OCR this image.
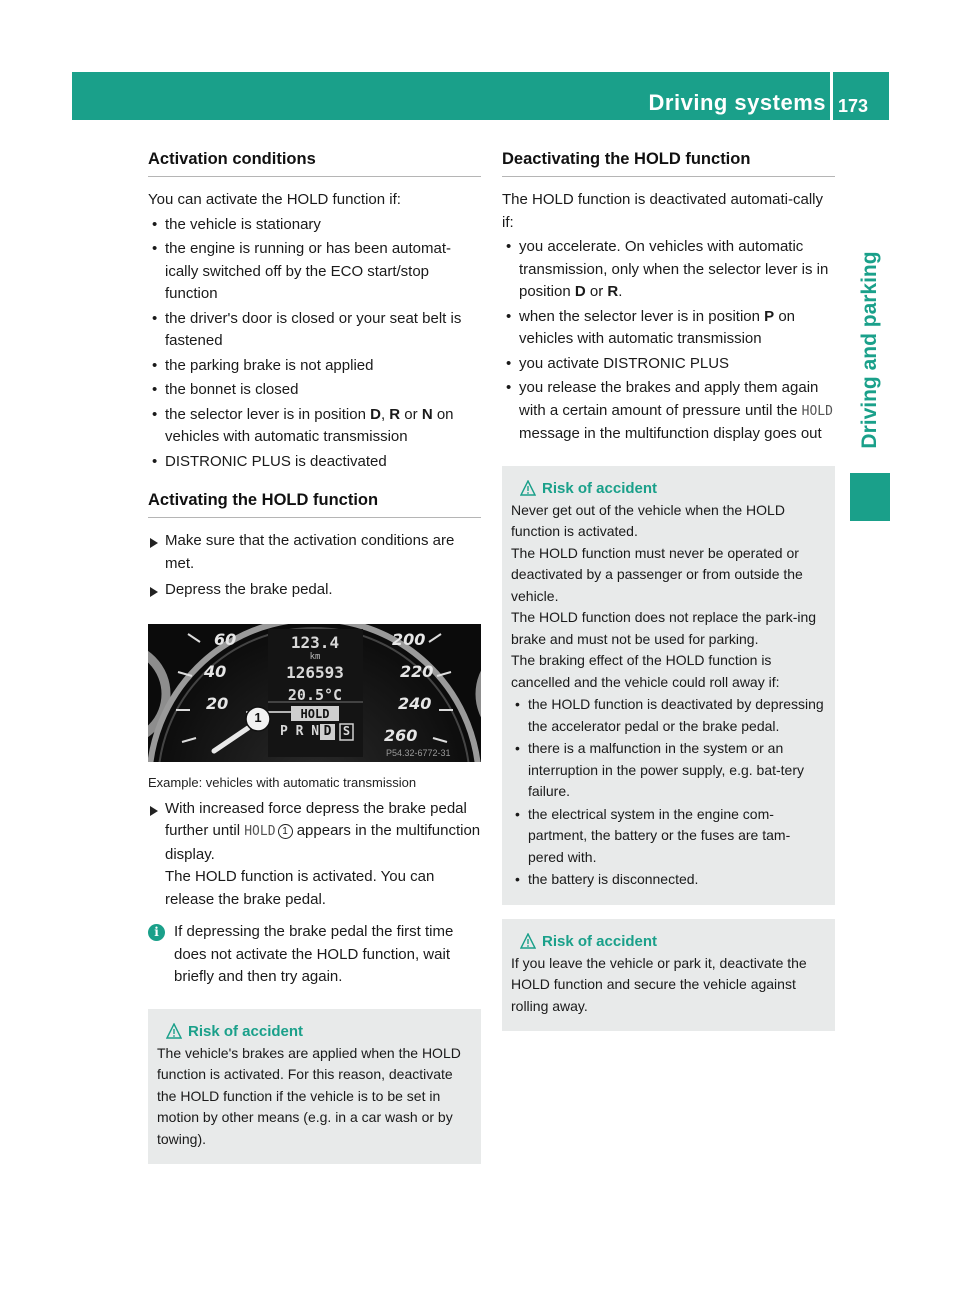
Driving systems 173
Driving and parking
Activation conditions

You can activate the HOLD function if:

• the vehicle is stationary
• the engine is running or has been automat-ically switched off by the ECO start/stop function
• the driver's door is closed or your seat belt is fastened
• the parking brake is not applied
• the bonnet is closed
• the selector lever is in position D, R or N on vehicles with automatic transmission
• DISTRONIC PLUS is deactivated
Activating the HOLD function
Make sure that the activation conditions are met.
Depress the brake pedal.
60
40
20
200
220
240
260
123.4
km
126593
20.5°C
HOLD
1
P R N D S
P54.32-6772-31
Example: vehicles with automatic transmission
With increased force depress the brake pedal further until HOLD 1 appears in the multifunction display.
The HOLD function is activated. You can release the brake pedal.
i	If depressing the brake pedal the first time does not activate the HOLD function, wait briefly and then try again.
Risk of accident

The vehicle's brakes are applied when the HOLD function is activated. For this reason, deactivate the HOLD function if the vehicle is to be set in motion by other means (e.g. in a car wash or by towing).

Deactivating the HOLD function

The HOLD function is deactivated automati-cally if:

• you accelerate. On vehicles with automatic transmission, only when the selector lever is in position D or R.
• when the selector lever is in position P on vehicles with automatic transmission
• you activate DISTRONIC PLUS
• you release the brakes and apply them again with a certain amount of pressure until the HOLD message in the multifunction display goes out
Risk of accident

Never get out of the vehicle when the HOLD function is activated.

The HOLD function must never be operated or deactivated by a passenger or from outside the vehicle.

The HOLD function does not replace the park-ing brake and must not be used for parking.

The braking effect of the HOLD function is cancelled and the vehicle could roll away if:

• the HOLD function is deactivated by depressing the accelerator pedal or the brake pedal.
• there is a malfunction in the system or an interruption in the power supply, e.g. bat-tery failure.
• the electrical system in the engine com-partment, the battery or the fuses are tam-pered with.
• the battery is disconnected.
Risk of accident

If you leave the vehicle or park it, deactivate the HOLD function and secure the vehicle against rolling away.
